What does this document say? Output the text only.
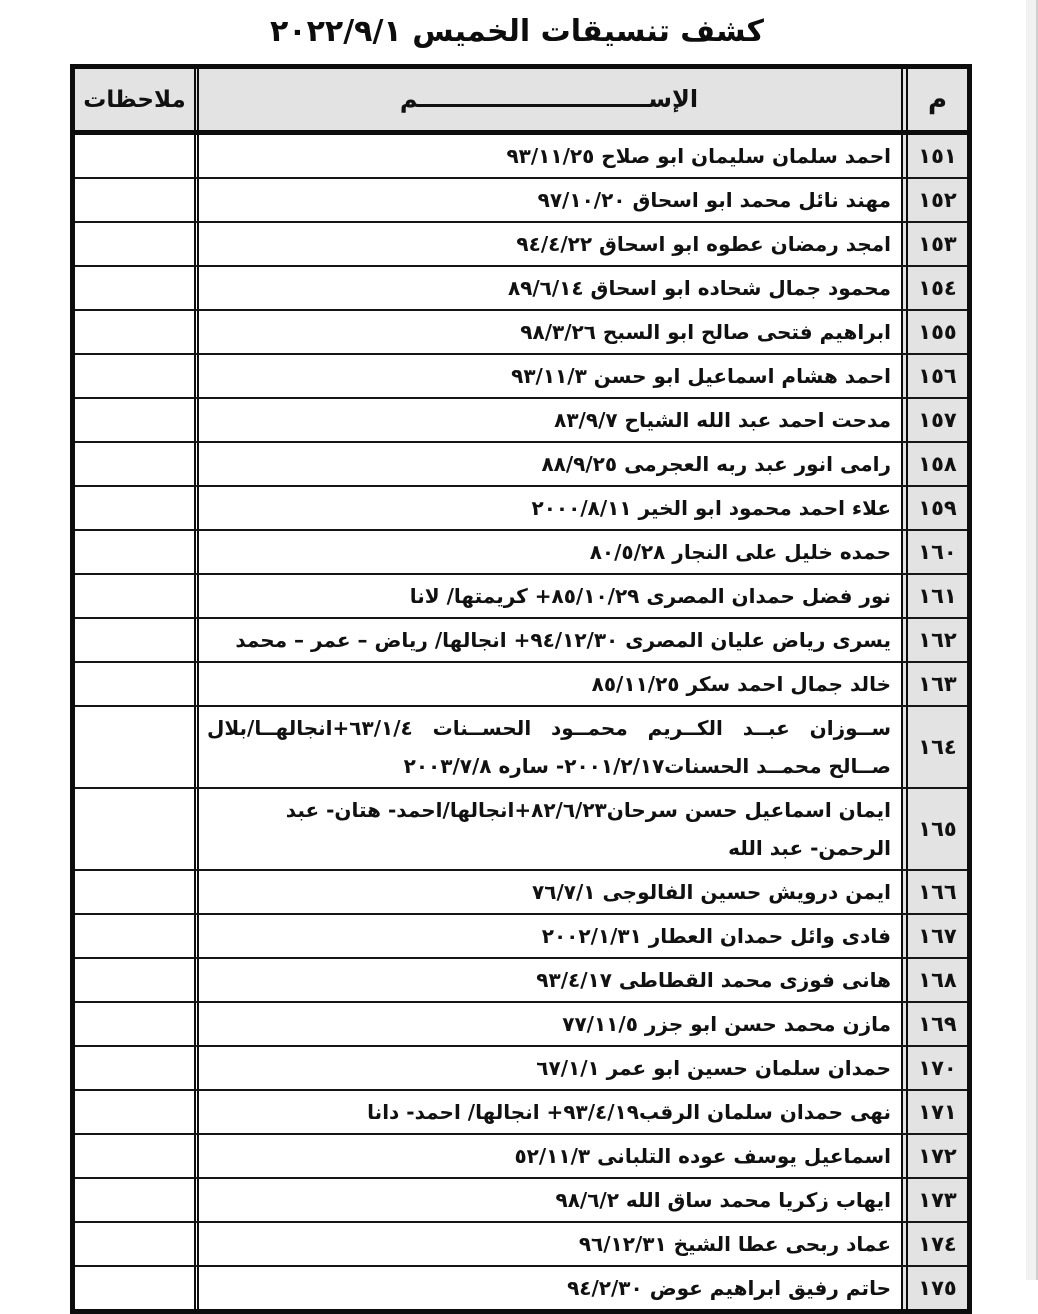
كشف تنسيقات الخميس ٢٠٢٢/٩/١
م
الإســــــــــــــــــــــــــــم
ملاحظات
١٥١
احمد سلمان سليمان ابو صلاح ٩٣/١١/٢٥
١٥٢
مهند نائل محمد ابو اسحاق ٩٧/١٠/٢٠
١٥٣
امجد رمضان عطوه ابو اسحاق ٩٤/٤/٢٢
١٥٤
محمود جمال شحاده ابو اسحاق ٨٩/٦/١٤
١٥٥
ابراهيم فتحى صالح ابو السبح ٩٨/٣/٢٦
١٥٦
احمد هشام اسماعيل ابو حسن ٩٣/١١/٣
١٥٧
مدحت احمد عبد الله الشياح ٨٣/٩/٧
١٥٨
رامى انور عبد ربه العجرمى ٨٨/٩/٢٥
١٥٩
علاء احمد محمود ابو الخير ٢٠٠٠/٨/١١
١٦٠
حمده خليل على النجار ٨٠/٥/٢٨
١٦١
نور فضل حمدان المصرى ٨٥/١٠/٢٩+ كريمتها/ لانا
١٦٢
يسرى رياض عليان المصرى ٩٤/١٢/٣٠+ انجالها/ رياض – عمر – محمد
١٦٣
خالد جمال احمد سكر ٨٥/١١/٢٥
١٦٤
ســوزان عبــد الكــريم محمــود الحســنات ٦٣/١/٤+انجالهــا/بلال صــالح محمــد الحسنات٢٠٠١/٢/١٧- ساره ٢٠٠٣/٧/٨
١٦٥
ايمان اسماعيل حسن سرحان٨٢/٦/٢٣+انجالها/احمد- هتان- عبد الرحمن- عبد الله
١٦٦
ايمن درويش حسين الفالوجى ٧٦/٧/١
١٦٧
فادى وائل حمدان العطار ٢٠٠٢/١/٣١
١٦٨
هانى فوزى محمد القطاطى ٩٣/٤/١٧
١٦٩
مازن محمد حسن ابو جزر ٧٧/١١/٥
١٧٠
حمدان سلمان حسين ابو عمر ٦٧/١/١
١٧١
نهى حمدان سلمان الرقب٩٣/٤/١٩+ انجالها/ احمد- دانا
١٧٢
اسماعيل يوسف عوده التلبانى ٥٢/١١/٣
١٧٣
ايهاب زكريا محمد ساق الله ٩٨/٦/٢
١٧٤
عماد ربحى عطا الشيخ ٩٦/١٢/٣١
١٧٥
حاتم رفيق ابراهيم عوض ٩٤/٢/٣٠
